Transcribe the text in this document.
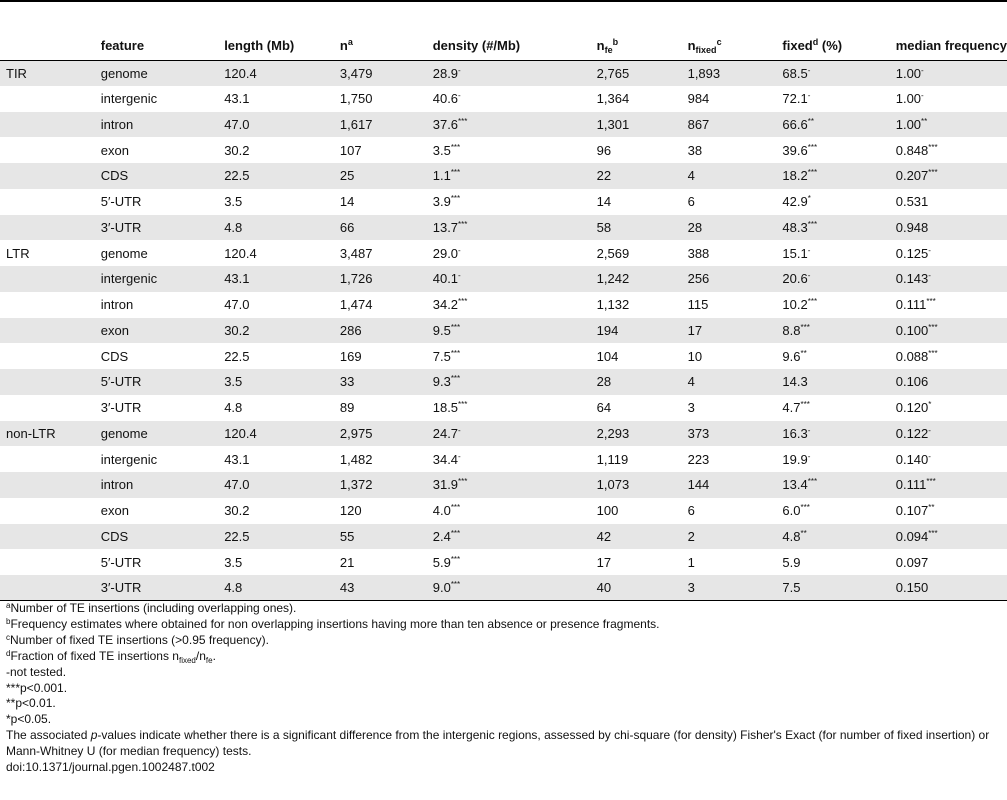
	feature	length (Mb)	$n^a$	density (#/Mb)	$n_{fe}^b$	$n_{fixed}^c$	fixed$^d$ (%)	median frequency
TIR	genome	120.4	3,479	28.9-	2,765	1,893	68.5-	1.00-
	intergenic	43.1	1,750	40.6-	1,364	984	72.1-	1.00-
	intron	47.0	1,617	37.6***	1,301	867	66.6**	1.00**
	exon	30.2	107	3.5***	96	38	39.6***	0.848***
	CDS	22.5	25	1.1***	22	4	18.2***	0.207***
	5′-UTR	3.5	14	3.9***	14	6	42.9*	0.531
	3′-UTR	4.8	66	13.7***	58	28	48.3***	0.948
LTR	genome	120.4	3,487	29.0-	2,569	388	15.1-	0.125-
	intergenic	43.1	1,726	40.1-	1,242	256	20.6-	0.143-
	intron	47.0	1,474	34.2***	1,132	115	10.2***	0.111***
	exon	30.2	286	9.5***	194	17	8.8***	0.100***
	CDS	22.5	169	7.5***	104	10	9.6**	0.088***
	5′-UTR	3.5	33	9.3***	28	4	14.3	0.106
	3′-UTR	4.8	89	18.5***	64	3	4.7***	0.120*
non-LTR	genome	120.4	2,975	24.7-	2,293	373	16.3-	0.122-
	intergenic	43.1	1,482	34.4-	1,119	223	19.9-	0.140-
	intron	47.0	1,372	31.9***	1,073	144	13.4***	0.111***
	exon	30.2	120	4.0***	100	6	6.0***	0.107**
	CDS	22.5	55	2.4***	42	2	4.8**	0.094***
	5′-UTR	3.5	21	5.9***	17	1	5.9	0.097
	3′-UTR	4.8	43	9.0***	40	3	7.5	0.150
$^a$Number of TE insertions (including overlapping ones).
$^b$Frequency estimates where obtained for non overlapping insertions having more than ten absence or presence fragments.
$^c$Number of fixed TE insertions (>0.95 frequency).
$^d$Fraction of fixed TE insertions $n_{fixed}/n_{fe}$.
-not tested.
***p<0.001.
**p<0.01.
*p<0.05.
The associated p-values indicate whether there is a significant difference from the intergenic regions, assessed by chi-square (for density) Fisher's Exact (for number of fixed insertion) or Mann-Whitney U (for median frequency) tests.
doi:10.1371/journal.pgen.1002487.t002
